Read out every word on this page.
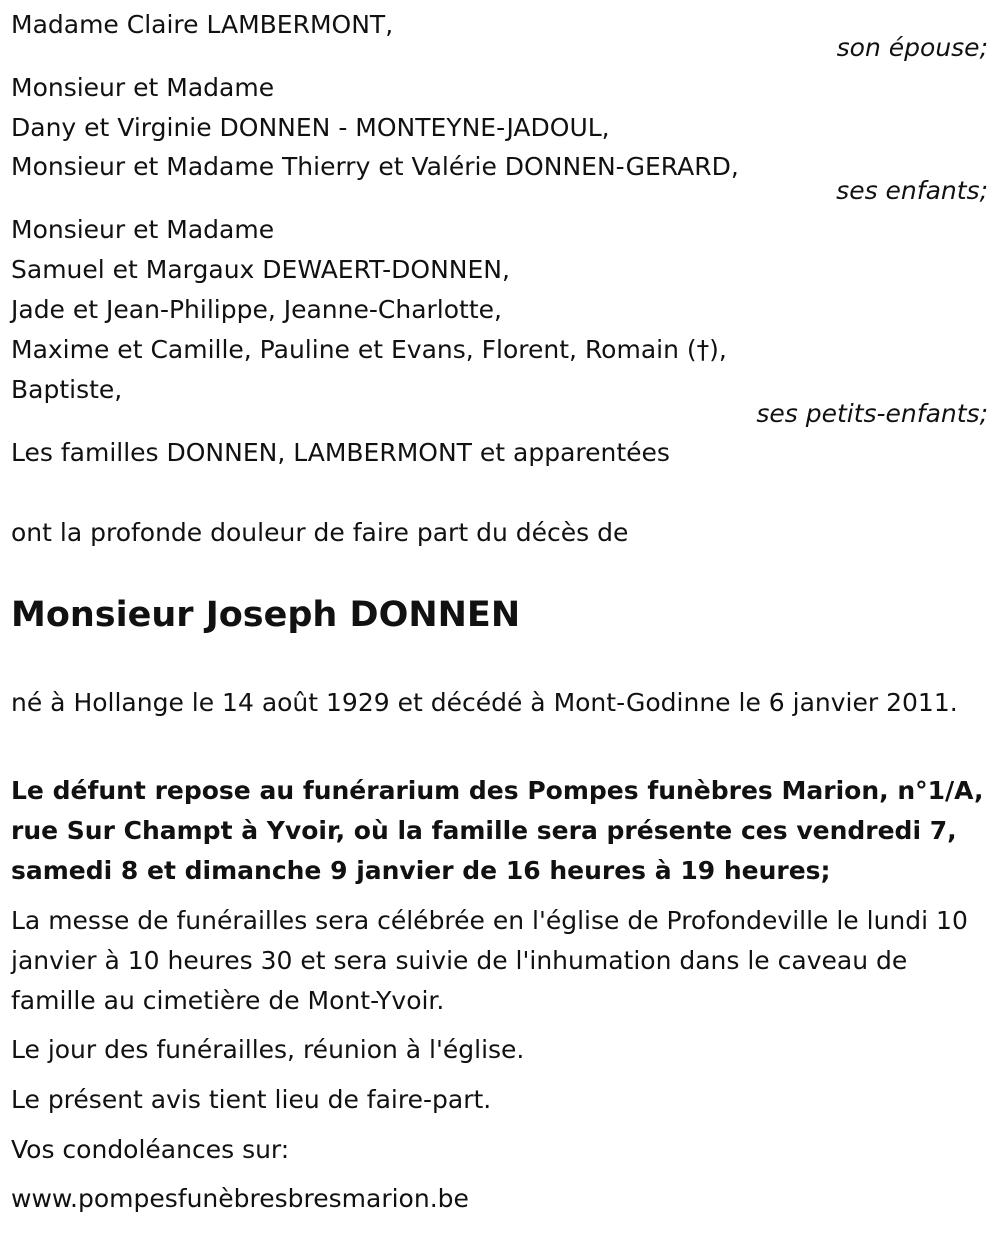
Madame Claire LAMBERMONT,

son épouse;

Monsieur et Madame

Dany et Virginie DONNEN - MONTEYNE-JADOUL,

Monsieur et Madame Thierry et Valérie DONNEN-GERARD,

ses enfants;

Monsieur et Madame

Samuel et Margaux DEWAERT-DONNEN,

Jade et Jean-Philippe, Jeanne-Charlotte,

Maxime et Camille, Pauline et Evans, Florent, Romain (†),

Baptiste,

ses petits-enfants;

Les familles DONNEN, LAMBERMONT et apparentées

ont la profonde douleur de faire part du décès de

Monsieur Joseph DONNEN

né à Hollange le 14 août 1929 et décédé à Mont-Godinne le 6 janvier 2011.

Le défunt repose au funérarium des Pompes funèbres Marion, n°1/A, rue Sur Champt à Yvoir, où la famille sera présente ces vendredi 7, samedi 8 et dimanche 9 janvier de 16 heures à 19 heures;

La messe de funérailles sera célébrée en l'église de Profondeville le lundi 10 janvier à 10 heures 30 et sera suivie de l'inhumation dans le caveau de famille au cimetière de Mont-Yvoir.

Le jour des funérailles, réunion à l'église.

Le présent avis tient lieu de faire-part.

Vos condoléances sur:

www.pompesfunèbresbresmarion.be
